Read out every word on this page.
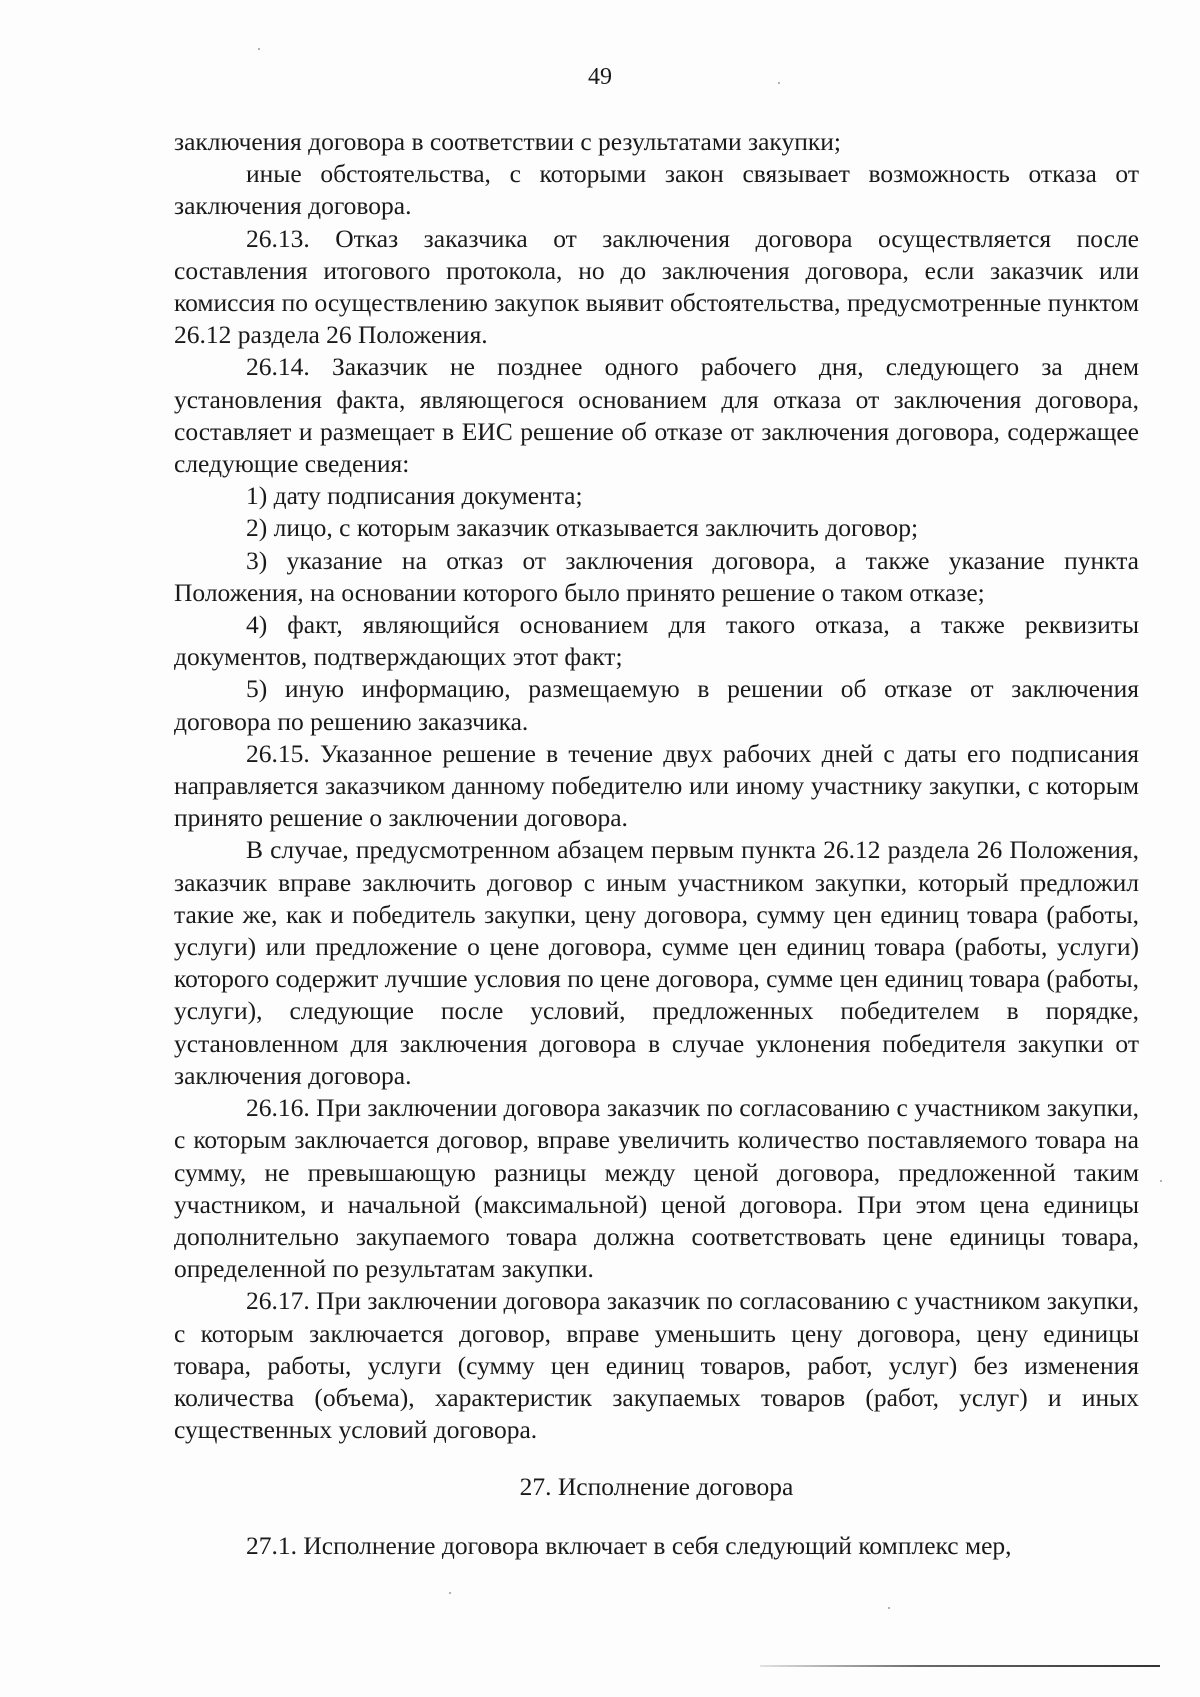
49

заключения договора в соответствии с результатами закупки;

иные обстоятельства, с которыми закон связывает возможность отказа от заключения договора.

26.13. Отказ заказчика от заключения договора осуществляется после составления итогового протокола, но до заключения договора, если заказчик или комиссия по осуществлению закупок выявит обстоятельства, предусмотренные пунктом 26.12 раздела 26 Положения.

26.14. Заказчик не позднее одного рабочего дня, следующего за днем установления факта, являющегося основанием для отказа от заключения договора, составляет и размещает в ЕИС решение об отказе от заключения договора, содержащее следующие сведения:

1) дату подписания документа;

2) лицо, с которым заказчик отказывается заключить договор;

3) указание на отказ от заключения договора, а также указание пункта Положения, на основании которого было принято решение о таком отказе;

4) факт, являющийся основанием для такого отказа, а также реквизиты документов, подтверждающих этот факт;

5) иную информацию, размещаемую в решении об отказе от заключения договора по решению заказчика.

26.15. Указанное решение в течение двух рабочих дней с даты его подписания направляется заказчиком данному победителю или иному участнику закупки, с которым принято решение о заключении договора.

В случае, предусмотренном абзацем первым пункта 26.12 раздела 26 Положения, заказчик вправе заключить договор с иным участником закупки, который предложил такие же, как и победитель закупки, цену договора, сумму цен единиц товара (работы, услуги) или предложение о цене договора, сумме цен единиц товара (работы, услуги) которого содержит лучшие условия по цене договора, сумме цен единиц товара (работы, услуги), следующие после условий, предложенных победителем в порядке, установленном для заключения договора в случае уклонения победителя закупки от заключения договора.

26.16. При заключении договора заказчик по согласованию с участником закупки, с которым заключается договор, вправе увеличить количество поставляемого товара на сумму, не превышающую разницы между ценой договора, предложенной таким участником, и начальной (максимальной) ценой договора. При этом цена единицы дополнительно закупаемого товара должна соответствовать цене единицы товара, определенной по результатам закупки.

26.17. При заключении договора заказчик по согласованию с участником закупки, с которым заключается договор, вправе уменьшить цену договора, цену единицы товара, работы, услуги (сумму цен единиц товаров, работ, услуг) без изменения количества (объема), характеристик закупаемых товаров (работ, услуг) и иных существенных условий договора.

27. Исполнение договора

27.1. Исполнение договора включает в себя следующий комплекс мер,
